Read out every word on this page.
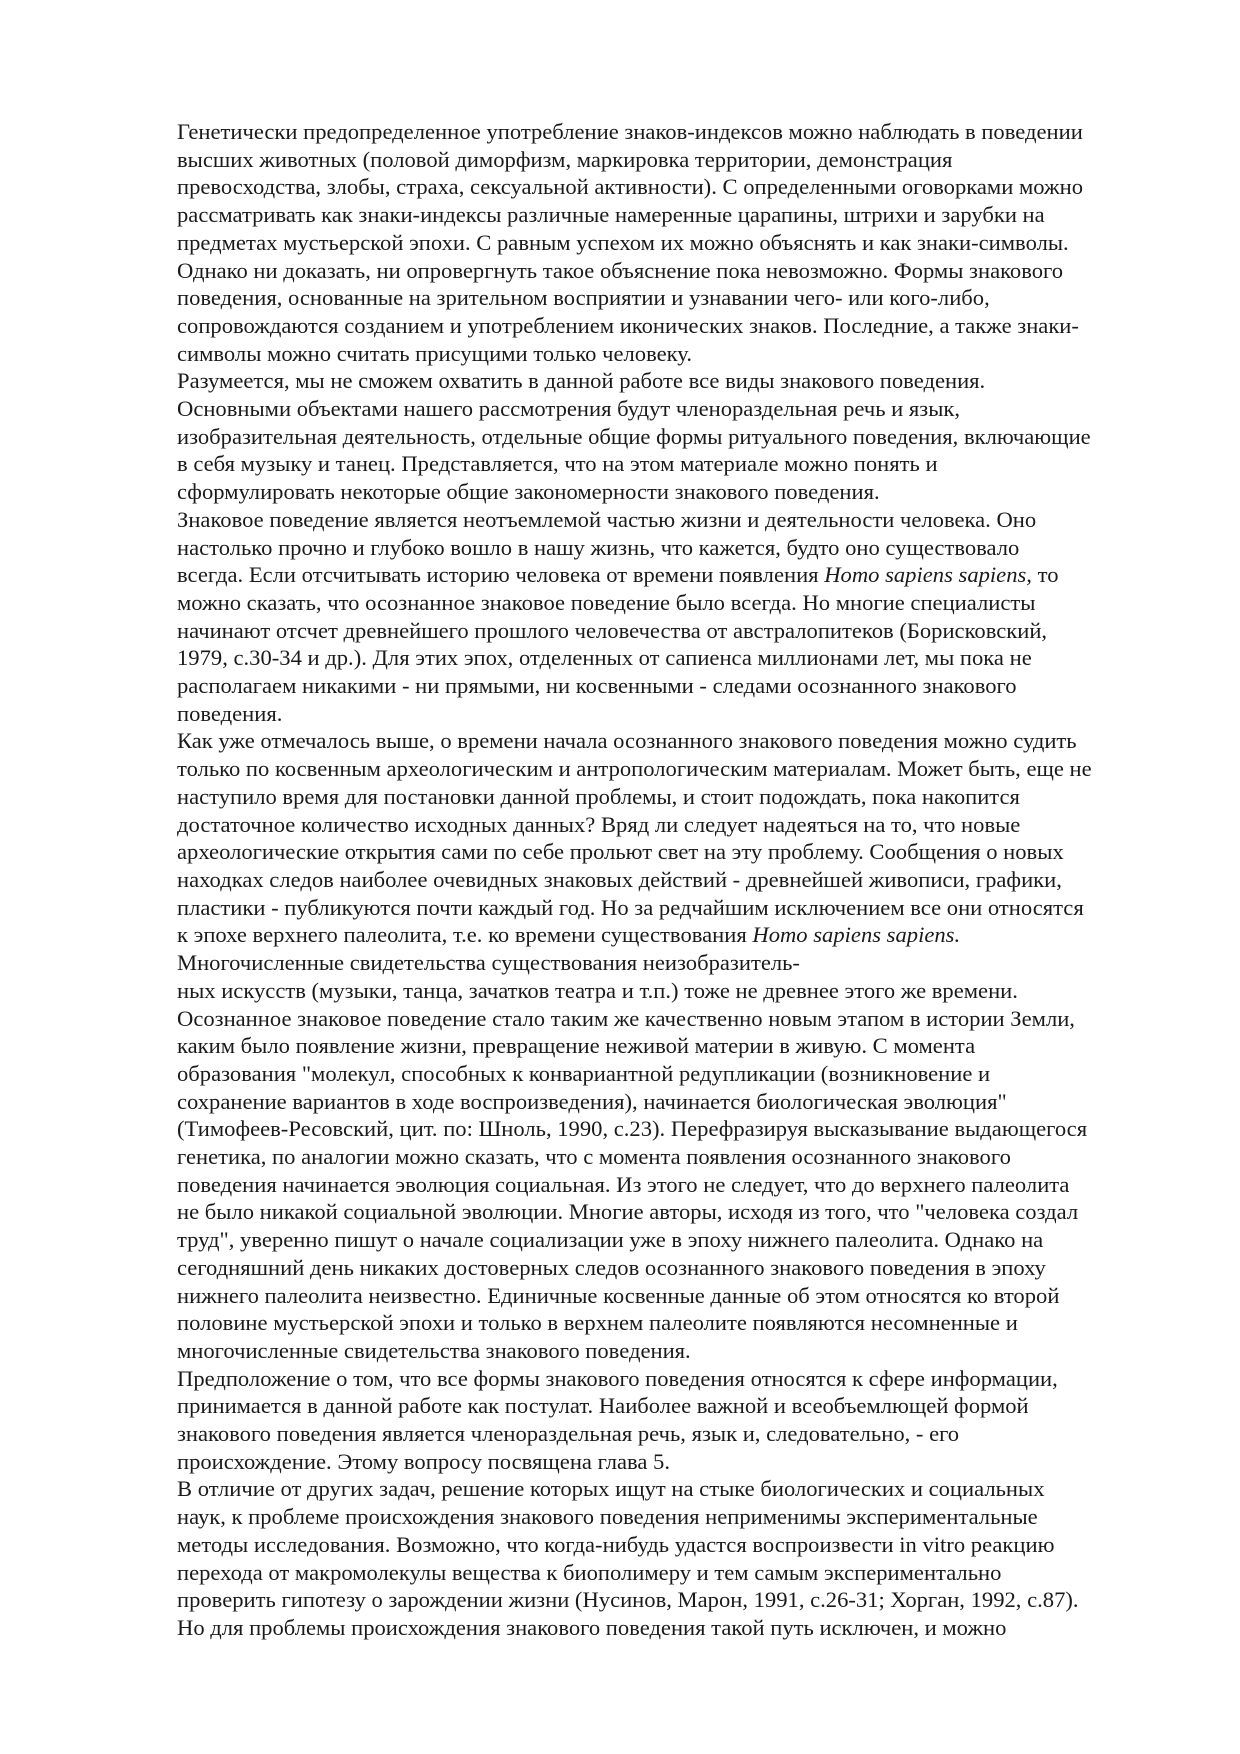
Генетически предопределенное употребление знаков-индексов можно наблюдать в поведении
высших животных (половой диморфизм, маркировка территории, демонстрация
превосходства, злобы, страха, сексуальной активности). С определенными оговорками можно
рассматривать как знаки-индексы различные намеренные царапины, штрихи и зарубки на
предметах мустьерской эпохи. С равным успехом их можно объяснять и как знаки-символы.
Однако ни доказать, ни опровергнуть такое объяснение пока невозможно. Формы знакового
поведения, основанные на зрительном восприятии и узнавании чего- или кого-либо,
сопровождаются созданием и употреблением иконических знаков. Последние, а также знаки-
символы можно считать присущими только человеку.
Разумеется, мы не сможем охватить в данной работе все виды знакового поведения.
Основными объектами нашего рассмотрения будут членораздельная речь и язык,
изобразительная деятельность, отдельные общие формы ритуального поведения, включающие
в себя музыку и танец. Представляется, что на этом материале можно понять и
сформулировать некоторые общие закономерности знакового поведения.
Знаковое поведение является неотъемлемой частью жизни и деятельности человека. Оно
настолько прочно и глубоко вошло в нашу жизнь, что кажется, будто оно существовало
всегда. Если отсчитывать историю человека от времени появления Homo sapiens sapiens, то
можно сказать, что осознанное знаковое поведение было всегда. Но многие специалисты
начинают отсчет древнейшего прошлого человечества от австралопитеков (Борисковский,
1979, с.30-34 и др.). Для этих эпох, отделенных от сапиенса миллионами лет, мы пока не
располагаем никакими - ни прямыми, ни косвенными - следами осознанного знакового
поведения.
Как уже отмечалось выше, о времени начала осознанного знакового поведения можно судить
только по косвенным археологическим и антропологическим материалам. Может быть, еще не
наступило время для постановки данной проблемы, и стоит подождать, пока накопится
достаточное количество исходных данных? Вряд ли следует надеяться на то, что новые
археологические открытия сами по себе прольют свет на эту проблему. Сообщения о новых
находках следов наиболее очевидных знаковых действий - древнейшей живописи, графики,
пластики - публикуются почти каждый год. Но за редчайшим исключением все они относятся
к эпохе верхнего палеолита, т.е. ко времени существования Homo sapiens sapiens.
Многочисленные свидетельства существования неизобразитель-
ных искусств (музыки, танца, зачатков театра и т.п.) тоже не древнее этого же времени.
Осознанное знаковое поведение стало таким же качественно новым этапом в истории Земли,
каким было появление жизни, превращение неживой материи в живую. С момента
образования "молекул, способных к конвариантной редупликации (возникновение и
сохранение вариантов в ходе воспроизведения), начинается биологическая эволюция"
(Тимофеев-Ресовский, цит. по: Шноль, 1990, с.23). Перефразируя высказывание выдающегося
генетика, по аналогии можно сказать, что с момента появления осознанного знакового
поведения начинается эволюция социальная. Из этого не следует, что до верхнего палеолита
не было никакой социальной эволюции. Многие авторы, исходя из того, что "человека создал
труд", уверенно пишут о начале социализации уже в эпоху нижнего палеолита. Однако на
сегодняшний день никаких достоверных следов осознанного знакового поведения в эпоху
нижнего палеолита неизвестно. Единичные косвенные данные об этом относятся ко второй
половине мустьерской эпохи и только в верхнем палеолите появляются несомненные и
многочисленные свидетельства знакового поведения.
Предположение о том, что все формы знакового поведения относятся к сфере информации,
принимается в данной работе как постулат. Наиболее важной и всеобъемлющей формой
знакового поведения является членораздельная речь, язык и, следовательно, - его
происхождение. Этому вопросу посвящена глава 5.
В отличие от других задач, решение которых ищут на стыке биологических и социальных
наук, к проблеме происхождения знакового поведения неприменимы экспериментальные
методы исследования. Возможно, что когда-нибудь удастся воспроизвести in vitro реакцию
перехода от макромолекулы вещества к биополимеру и тем самым экспериментально
проверить гипотезу о зарождении жизни (Нусинов, Марон, 1991, с.26-31; Хорган, 1992, с.87).
Но для проблемы происхождения знакового поведения такой путь исключен, и можно
